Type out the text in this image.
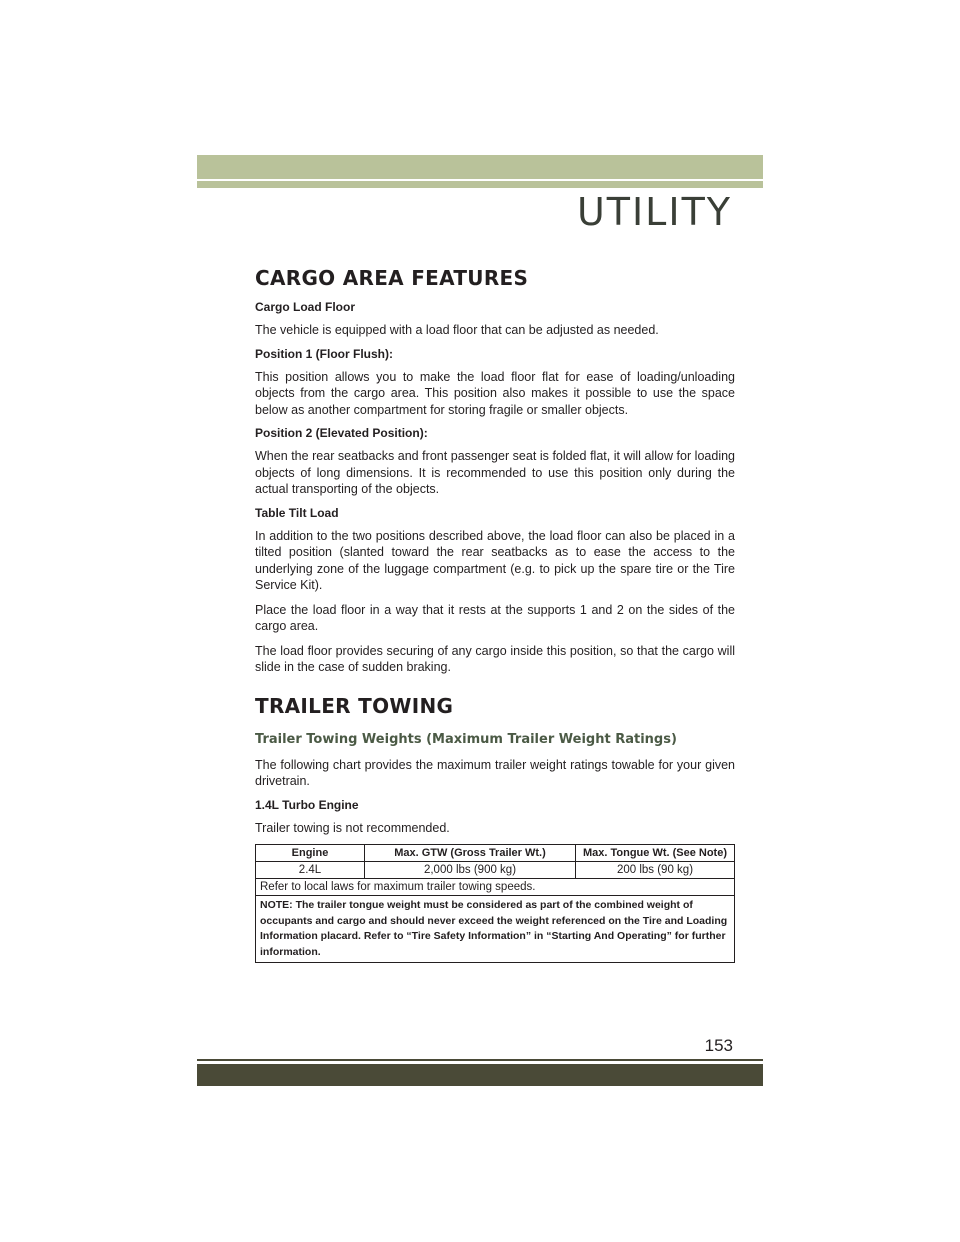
UTILITY
CARGO AREA FEATURES
Cargo Load Floor

The vehicle is equipped with a load floor that can be adjusted as needed.

Position 1 (Floor Flush):

This position allows you to make the load floor flat for ease of loading/unloading objects from the cargo area. This position also makes it possible to use the space below as another compartment for storing fragile or smaller objects.

Position 2 (Elevated Position):

When the rear seatbacks and front passenger seat is folded flat, it will allow for loading objects of long dimensions. It is recommended to use this position only during the actual transporting of the objects.

Table Tilt Load

In addition to the two positions described above, the load floor can also be placed in a tilted position (slanted toward the rear seatbacks as to ease the access to the underlying zone of the luggage compartment (e.g. to pick up the spare tire or the Tire Service Kit).

Place the load floor in a way that it rests at the supports 1 and 2 on the sides of the cargo area.

The load floor provides securing of any cargo inside this position, so that the cargo will slide in the case of sudden braking.

TRAILER TOWING
Trailer Towing Weights (Maximum Trailer Weight Ratings)

The following chart provides the maximum trailer weight ratings towable for your given drivetrain.

1.4L Turbo Engine

Trailer towing is not recommended.

Engine	Max. GTW (Gross Trailer Wt.)	Max. Tongue Wt. (See Note)
2.4L	2,000 lbs (900 kg)	200 lbs (90 kg)
Refer to local laws for maximum trailer towing speeds.		
NOTE: The trailer tongue weight must be considered as part of the combined weight of occupants and cargo and should never exceed the weight referenced on the Tire and Loading Information placard. Refer to “Tire Safety Information” in “Starting And Operating” for further information.		
153
